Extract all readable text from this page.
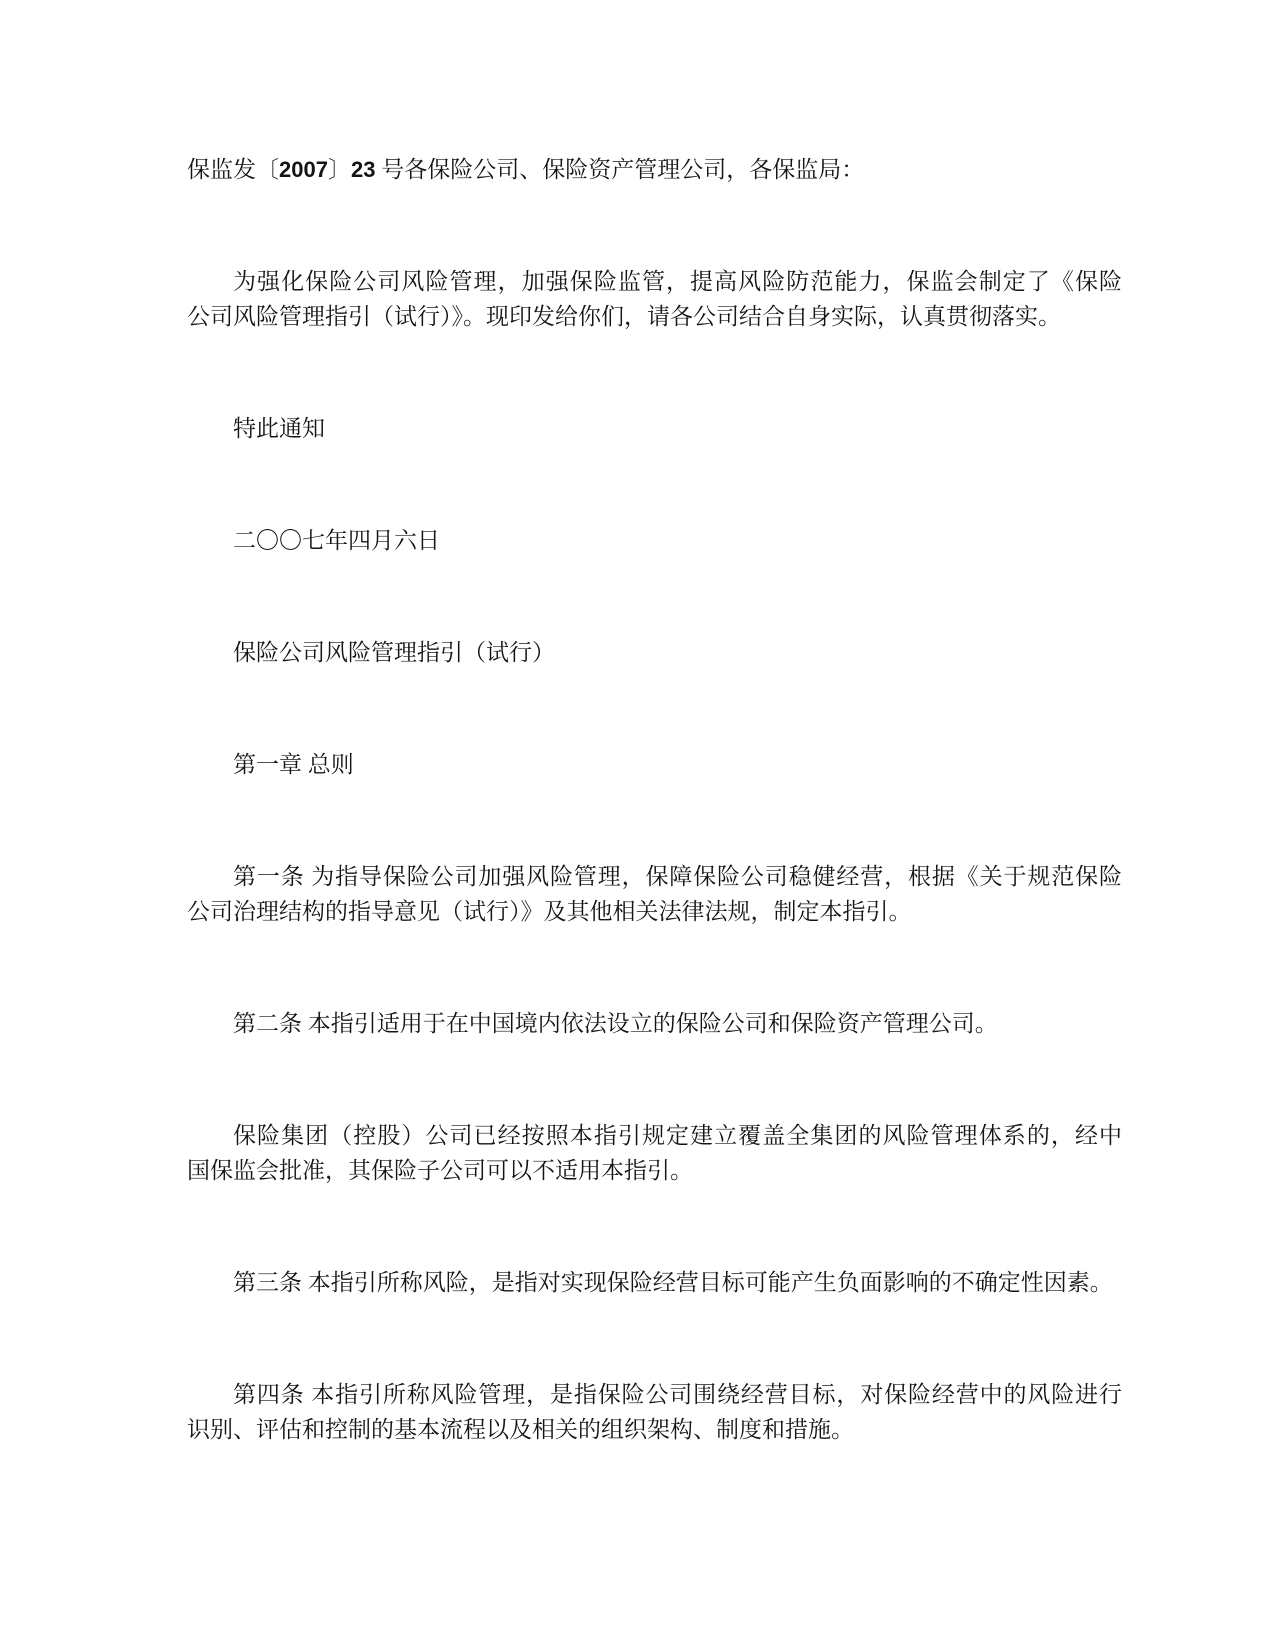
保监发〔2007〕23 号各保险公司、保险资产管理公司，各保监局：
为强化保险公司风险管理，加强保险监管，提高风险防范能力，保监会制定了《保险
公司风险管理指引（试行）》。现印发给你们，请各公司结合自身实际，认真贯彻落实。
特此通知
二〇〇七年四月六日
保险公司风险管理指引（试行）
第一章 总则
第一条 为指导保险公司加强风险管理，保障保险公司稳健经营，根据《关于规范保险
公司治理结构的指导意见（试行）》及其他相关法律法规，制定本指引。
第二条 本指引适用于在中国境内依法设立的保险公司和保险资产管理公司。
保险集团（控股）公司已经按照本指引规定建立覆盖全集团的风险管理体系的，经中
国保监会批准，其保险子公司可以不适用本指引。
第三条 本指引所称风险，是指对实现保险经营目标可能产生负面影响的不确定性因素。
第四条 本指引所称风险管理，是指保险公司围绕经营目标，对保险经营中的风险进行
识别、评估和控制的基本流程以及相关的组织架构、制度和措施。
